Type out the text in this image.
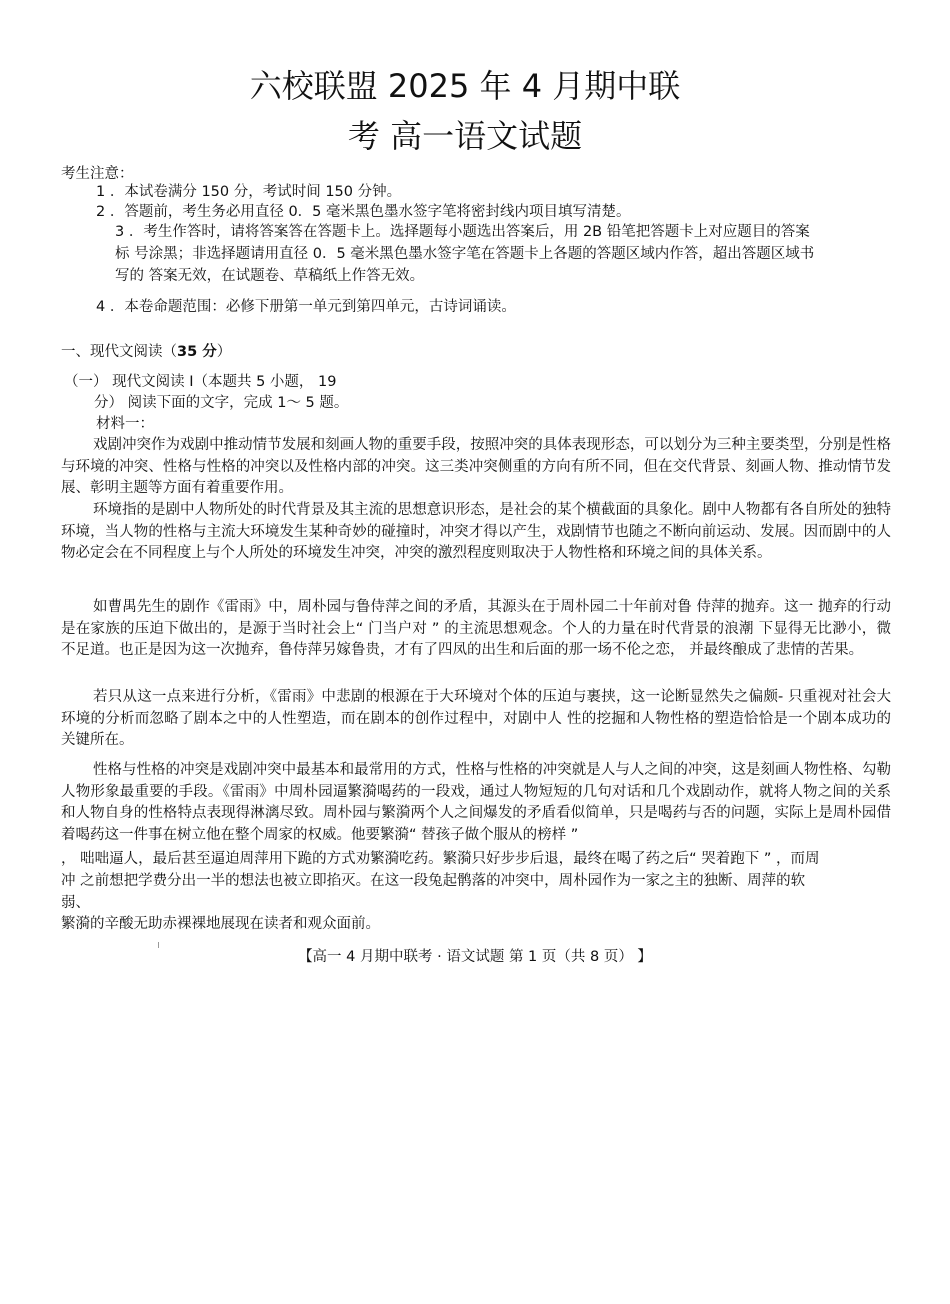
六校联盟 2025 年 4 月期中联
考 高一语文试题
考生注意：
1 ．本试卷满分 150 分，考试时间 150 分钟。
2 ．答题前，考生务必用直径 0．5 毫米黑色墨水签字笔将密封线内项目填写清楚。
3 ．考生作答时，请将答案答在答题卡上。选择题每小题选出答案后，用 2B 铅笔把答题卡上对应题目的答案
标 号涂黑；非选择题请用直径 0．5 毫米黑色墨水签字笔在答题卡上各题的答题区域内作答，超出答题区域书
写的 答案无效，在试题卷、草稿纸上作答无效。
4 ．本卷命题范围：必修下册第一单元到第四单元，古诗词诵读。
一、现代文阅读（35 分）
（一） 现代文阅读 I（本题共 5 小题， 19
分） 阅读下面的文字，完成 1～ 5 题。
材料一：
戏剧冲突作为戏剧中推动情节发展和刻画人物的重要手段，按照冲突的具体表现形态，可以划分为三种主要类型，分别是性格与环境的冲突、性格与性格的冲突以及性格内部的冲突。这三类冲突侧重的方向有所不同，但在交代背景、刻画人物、推动情节发展、彰明主题等方面有着重要作用。
环境指的是剧中人物所处的时代背景及其主流的思想意识形态，是社会的某个横截面的具象化。剧中人物都有各自所处的独特环境，当人物的性格与主流大环境发生某种奇妙的碰撞时，冲突才得以产生，戏剧情节也随之不断向前运动、发展。因而剧中的人物必定会在不同程度上与个人所处的环境发生冲突，冲突的激烈程度则取决于人物性格和环境之间的具体关系。
如曹禺先生的剧作《雷雨》中，周朴园与鲁侍萍之间的矛盾，其源头在于周朴园二十年前对鲁 侍萍的抛弃。这一 抛弃的行动是在家族的压迫下做出的，是源于当时社会上“ 门当户对 ” 的主流思想观念。个人的力量在时代背景的浪潮 下显得无比渺小，微不足道。也正是因为这一次抛弃，鲁侍萍另嫁鲁贵，才有了四凤的出生和后面的那一场不伦之恋， 并最终酿成了悲情的苦果。
若只从这一点来进行分析，《雷雨》中悲剧的根源在于大环境对个体的压迫与裹挟，这一论断显然失之偏颇- 只重视对社会大环境的分析而忽略了剧本之中的人性塑造，而在剧本的创作过程中，对剧中人 性的挖掘和人物性格的塑造恰恰是一个剧本成功的关键所在。
性格与性格的冲突是戏剧冲突中最基本和最常用的方式，性格与性格的冲突就是人与人之间的冲突，这是刻画人物性格、勾勒人物形象最重要的手段。《雷雨》中周朴园逼繁漪喝药的一段戏，通过人物短短的几句对话和几个戏剧动作，就将人物之间的关系和人物自身的性格特点表现得淋漓尽致。周朴园与繁漪两个人之间爆发的矛盾看似简单，只是喝药与否的问题，实际上是周朴园借着喝药这一件事在树立他在整个周家的权威。他要繁漪“ 替孩子做个服从的榜样 ”
， 咄咄逼人，最后甚至逼迫周萍用下跪的方式劝繁漪吃药。繁漪只好步步后退，最终在喝了药之后“ 哭着跑下 ” ，而周
冲 之前想把学费分出一半的想法也被立即掐灭。在这一段兔起鹘落的冲突中，周朴园作为一家之主的独断、周萍的软
弱、
繁漪的辛酸无助赤裸裸地展现在读者和观众面前。
【高一 4 月期中联考 · 语文试题 第 1 页（共 8 页） 】
